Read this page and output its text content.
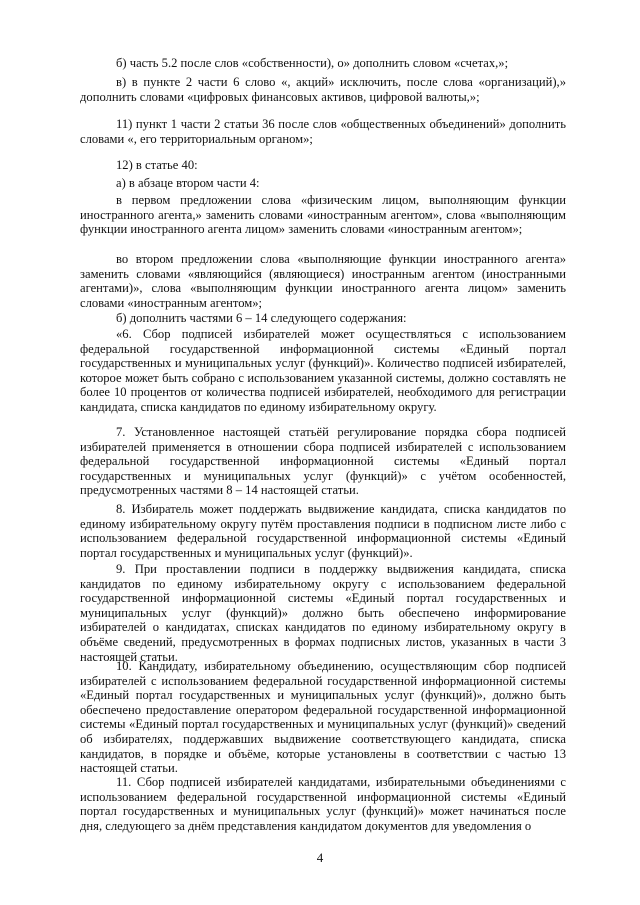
б) часть 5.2 после слов «собственности), о» дополнить словом «счетах,»;

в) в пункте 2 части 6 слово «, акций» исключить, после слова «организаций),» дополнить словами «цифровых финансовых активов, цифровой валюты,»;

11) пункт 1 части 2 статьи 36 после слов «общественных объединений» дополнить словами «, его территориальным органом»;

12) в статье 40:

а) в абзаце втором части 4:

в первом предложении слова «физическим лицом, выполняющим функции иностранного агента,» заменить словами «иностранным агентом», слова «выполняющим функции иностранного агента лицом» заменить словами «иностранным агентом»;

во втором предложении слова «выполняющие функции иностранного агента» заменить словами «являющийся (являющиеся) иностранным агентом (иностранными агентами)», слова «выполняющим функции иностранного агента лицом» заменить словами «иностранным агентом»;

б) дополнить частями 6 – 14 следующего содержания:

«6. Сбор подписей избирателей может осуществляться с использованием федеральной государственной информационной системы «Единый портал государственных и муниципальных услуг (функций)». Количество подписей избирателей, которое может быть собрано с использованием указанной системы, должно составлять не более 10 процентов от количества подписей избирателей, необходимого для регистрации кандидата, списка кандидатов по единому избирательному округу.

7. Установленное настоящей статьёй регулирование порядка сбора подписей избирателей применяется в отношении сбора подписей избирателей с использованием федеральной государственной информационной системы «Единый портал государственных и муниципальных услуг (функций)» с учётом особенностей, предусмотренных частями 8 – 14 настоящей статьи.

8. Избиратель может поддержать выдвижение кандидата, списка кандидатов по единому избирательному округу путём проставления подписи в подписном листе либо с использованием федеральной государственной информационной системы «Единый портал государственных и муниципальных услуг (функций)».

9. При проставлении подписи в поддержку выдвижения кандидата, списка кандидатов по единому избирательному округу с использованием федеральной государственной информационной системы «Единый портал государственных и муниципальных услуг (функций)» должно быть обеспечено информирование избирателей о кандидатах, списках кандидатов по единому избирательному округу в объёме сведений, предусмотренных в формах подписных листов, указанных в части 3 настоящей статьи.

10. Кандидату, избирательному объединению, осуществляющим сбор подписей избирателей с использованием федеральной государственной информационной системы «Единый портал государственных и муниципальных услуг (функций)», должно быть обеспечено предоставление оператором федеральной государственной информационной системы «Единый портал государственных и муниципальных услуг (функций)» сведений об избирателях, поддержавших выдвижение соответствующего кандидата, списка кандидатов, в порядке и объёме, которые установлены в соответствии с частью 13 настоящей статьи.

11. Сбор подписей избирателей кандидатами, избирательными объединениями с использованием федеральной государственной информационной системы «Единый портал государственных и муниципальных услуг (функций)» может начинаться после дня, следующего за днём представления кандидатом документов для уведомления о

4
